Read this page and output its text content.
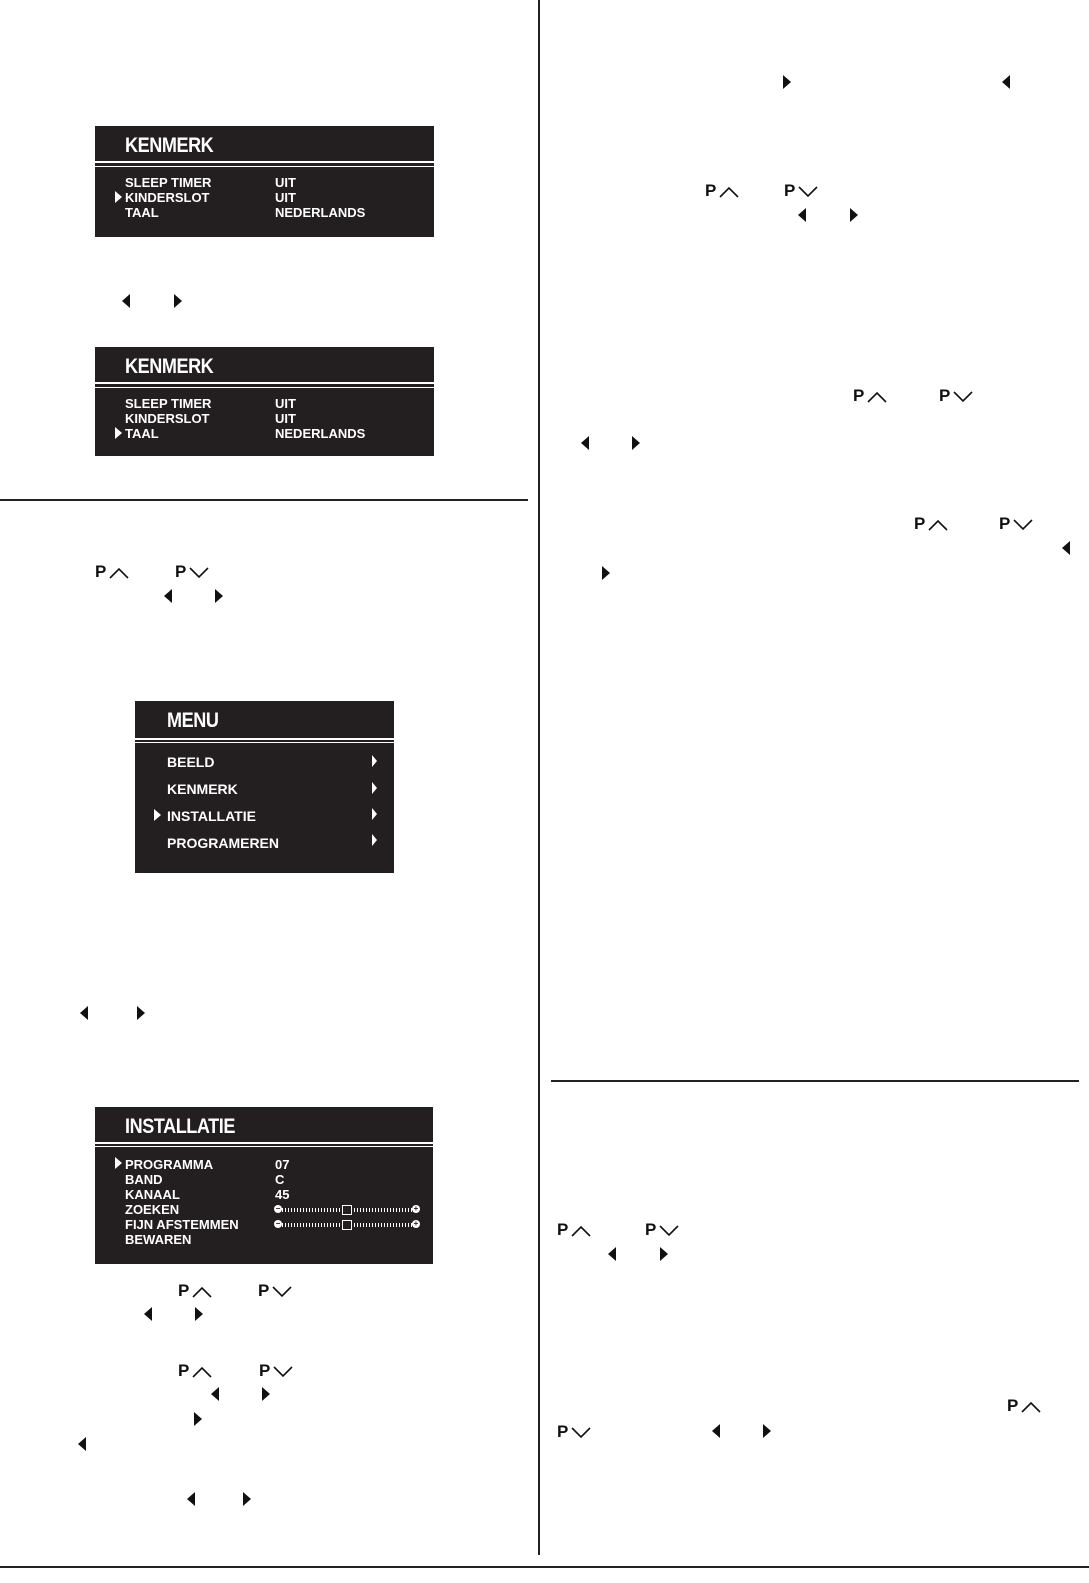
KENMERK
SLEEP TIMER	UIT
KINDERSLOT	UIT
TAAL	NEDERLANDS
KENMERK
SLEEP TIMER	UIT
KINDERSLOT	UIT
TAAL	NEDERLANDS
P	P
MENU
BEELD
KENMERK
INSTALLATIE
PROGRAMEREN
INSTALLATIE
PROGRAMMA	07
BAND	C
KANAAL	45
ZOEKEN	−	+
FIJN AFSTEMMEN	−	+
BEWAREN
P	P
P	P
P	P
P	P
P	P
P	P
P
P
